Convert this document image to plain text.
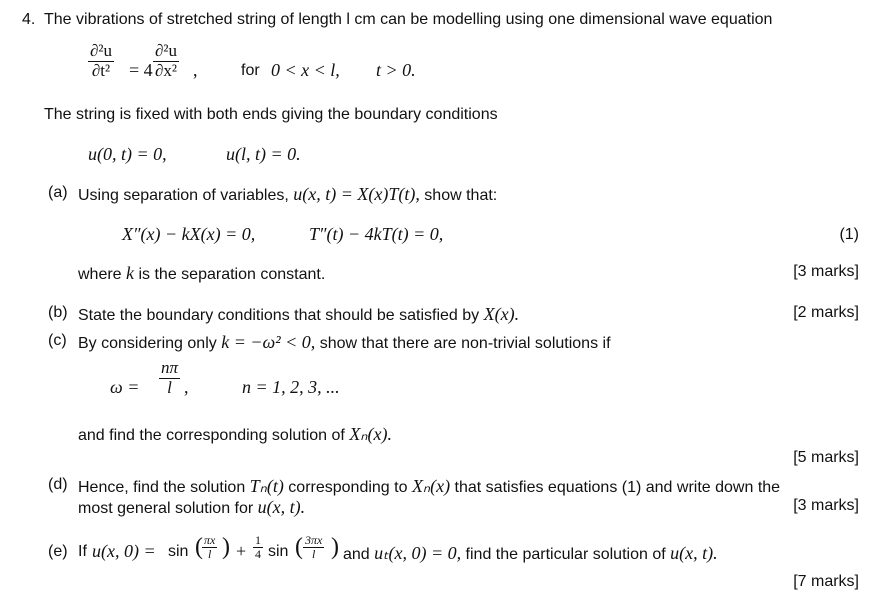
4. The vibrations of stretched string of length l cm can be modelling using one dimensional wave equation
∂²u
∂t² = 4
∂²u
∂x² ,	for 0 < x < l, t > 0.
The string is fixed with both ends giving the boundary conditions
u(0, t) = 0,	u(l, t) = 0.
(a) Using separation of variables, u(x, t) = X(x)T(t), show that:
X″(x) − kX(x) = 0,	T″(t) − 4kT(t) = 0,	(1)
where k is the separation constant.	[3 marks]
(b) State the boundary conditions that should be satisfied by X(x).	[2 marks]
(c) By considering only k = −ω² < 0, show that there are non-trivial solutions if
ω =
nπ
l ,	n = 1, 2, 3, ...
and find the corresponding solution of Xₙ(x).
[5 marks]
(d) Hence, find the solution Tₙ(t) corresponding to Xₙ(x) that satisfies equations (1) and write down the
most general solution for u(x, t).	[3 marks]
(e) If u(x, 0) = sin ( πx
l ) +
1
4 sin ( 3πx
l ) and uₜ(x, 0) = 0, find the particular solution of u(x, t).
[7 marks]
